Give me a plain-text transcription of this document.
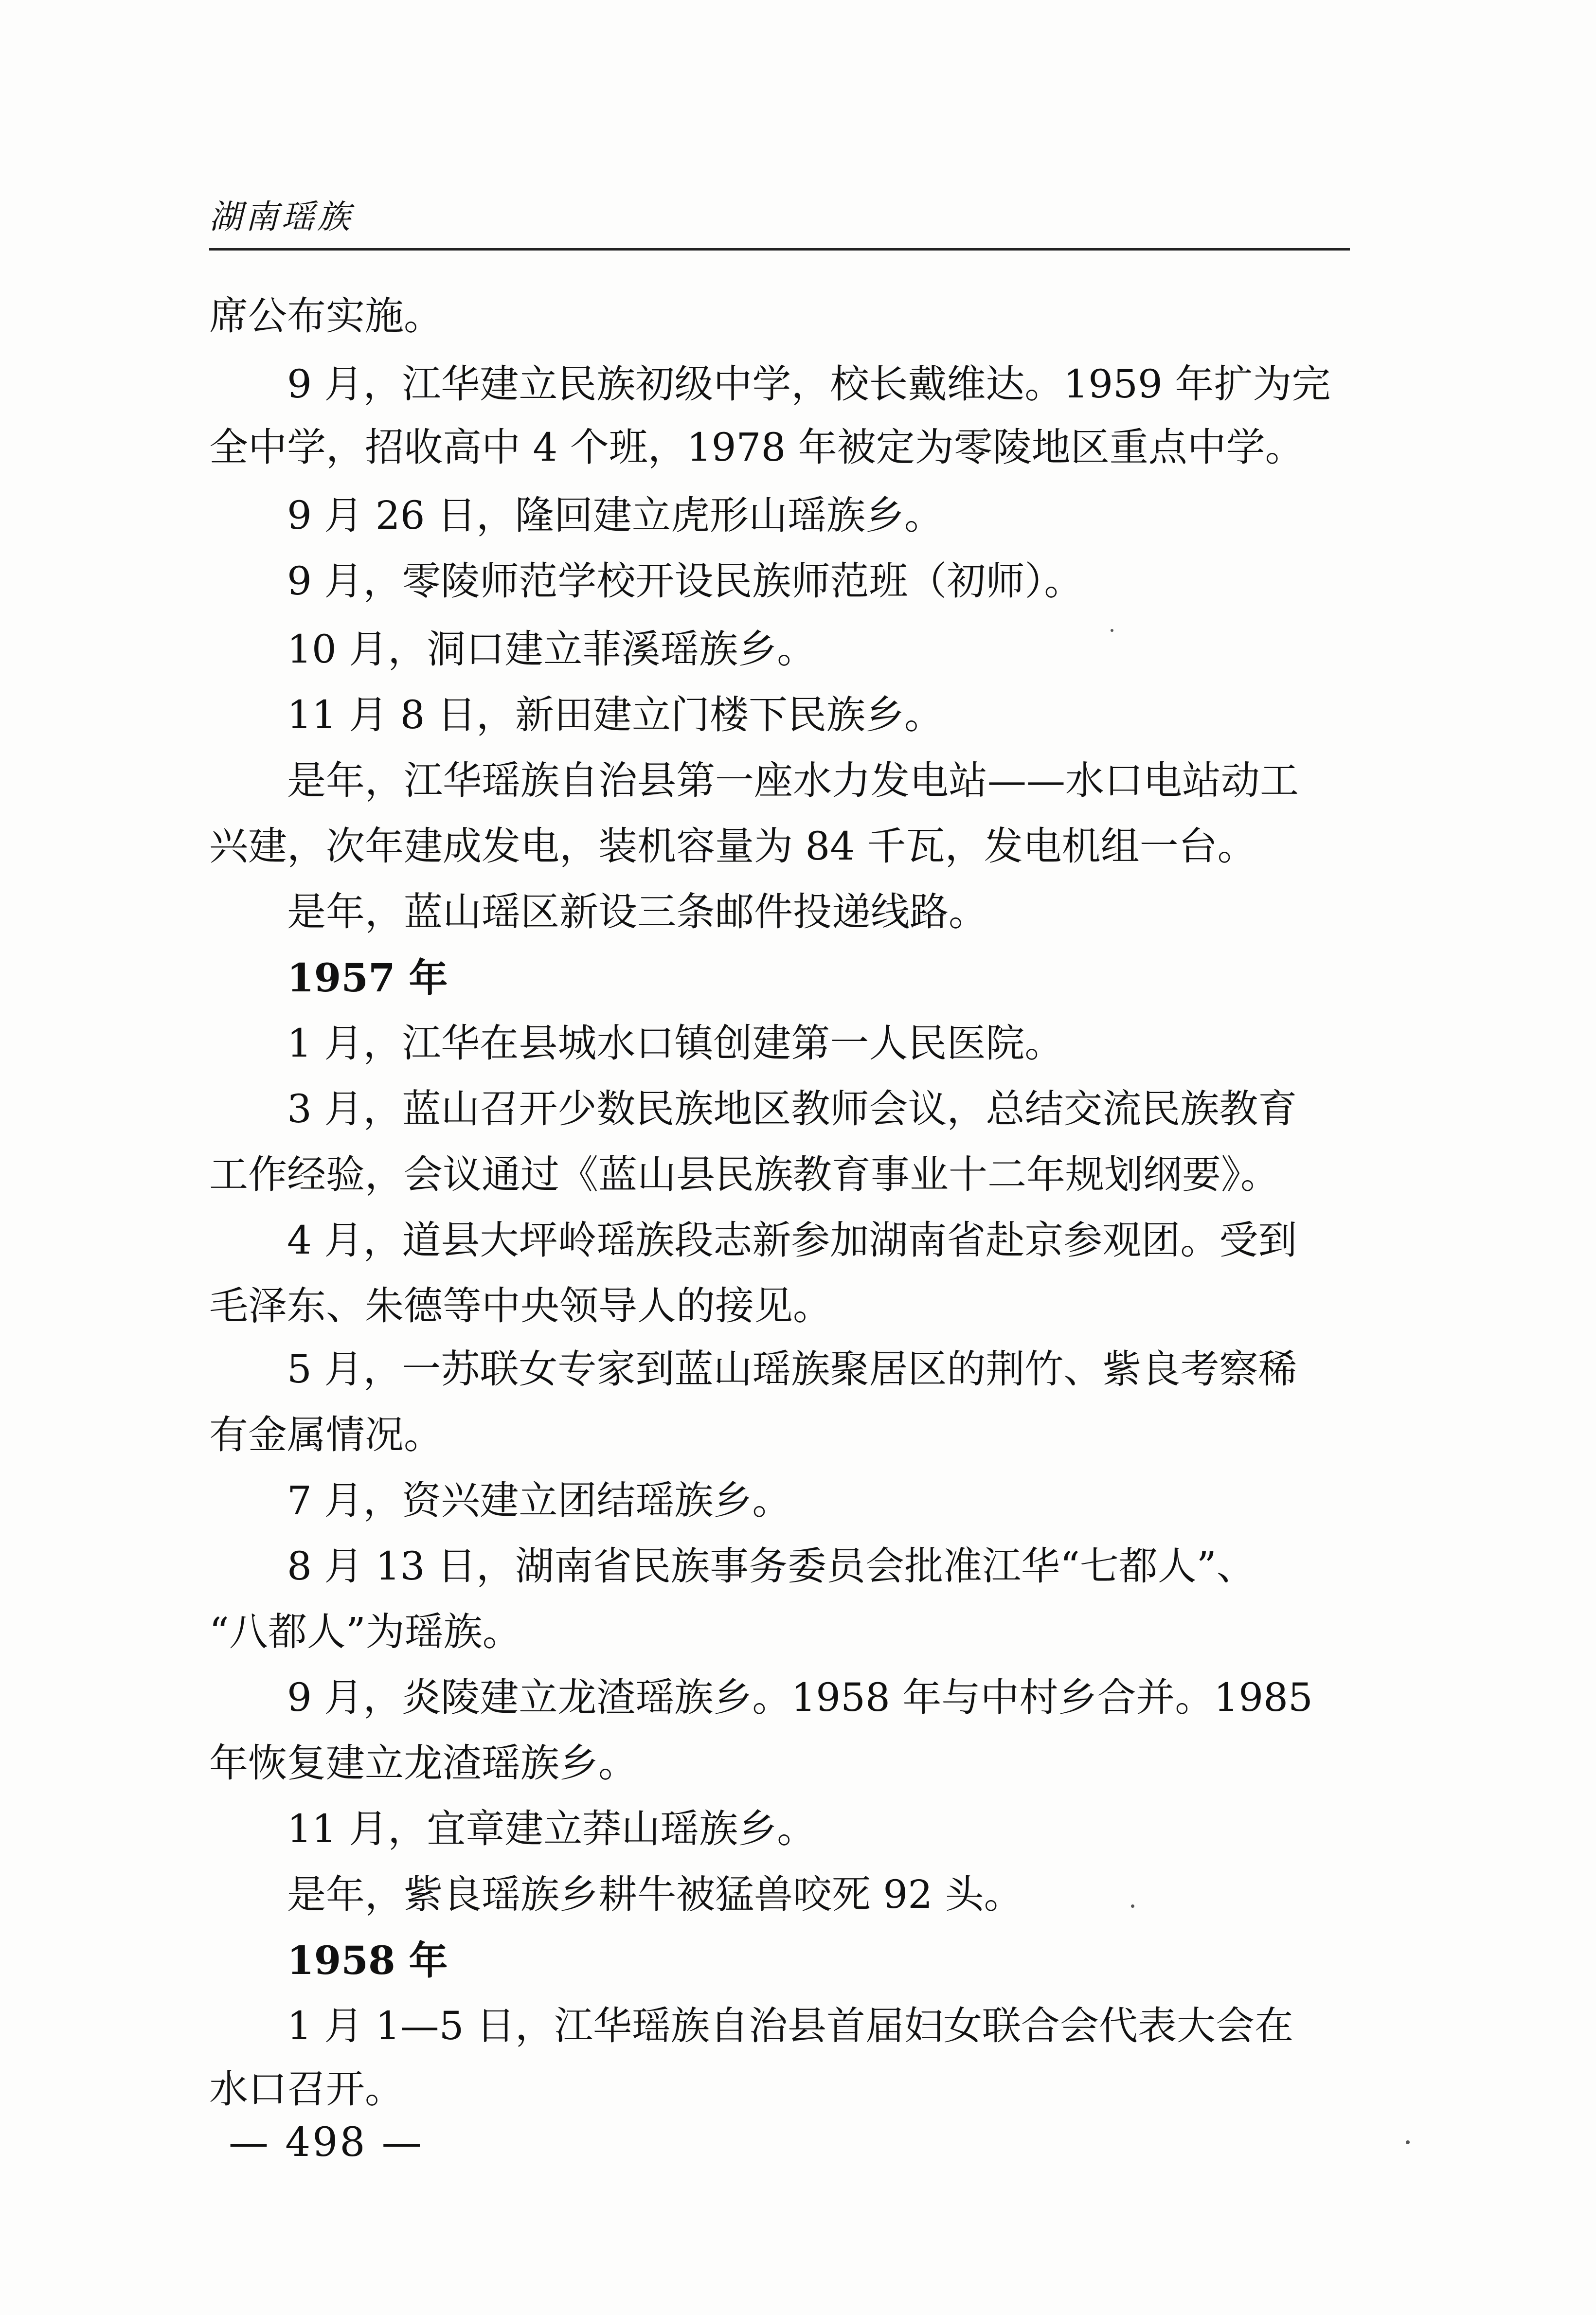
湖南瑶族
席公布实施。
9 月，江华建立民族初级中学，校长戴维达。1959 年扩为完
全中学，招收高中 4 个班，1978 年被定为零陵地区重点中学。
9 月 26 日，隆回建立虎形山瑶族乡。
9 月，零陵师范学校开设民族师范班（初师）。
10 月，洞口建立菲溪瑶族乡。
11 月 8 日，新田建立门楼下民族乡。
是年，江华瑶族自治县第一座水力发电站——水口电站动工
兴建，次年建成发电，装机容量为 84 千瓦，发电机组一台。
是年，蓝山瑶区新设三条邮件投递线路。
1957 年
1 月，江华在县城水口镇创建第一人民医院。
3 月，蓝山召开少数民族地区教师会议，总结交流民族教育
工作经验，会议通过《蓝山县民族教育事业十二年规划纲要》。
4 月，道县大坪岭瑶族段志新参加湖南省赴京参观团。受到
毛泽东、朱德等中央领导人的接见。
5 月，一苏联女专家到蓝山瑶族聚居区的荆竹、紫良考察稀
有金属情况。
7 月，资兴建立团结瑶族乡。
8 月 13 日，湖南省民族事务委员会批准江华“七都人”、
“八都人”为瑶族。
9 月，炎陵建立龙渣瑶族乡。1958 年与中村乡合并。1985
年恢复建立龙渣瑶族乡。
11 月，宜章建立莽山瑶族乡。
是年，紫良瑶族乡耕牛被猛兽咬死 92 头。
1958 年
1 月 1—5 日，江华瑶族自治县首届妇女联合会代表大会在
水口召开。
— 498 —
